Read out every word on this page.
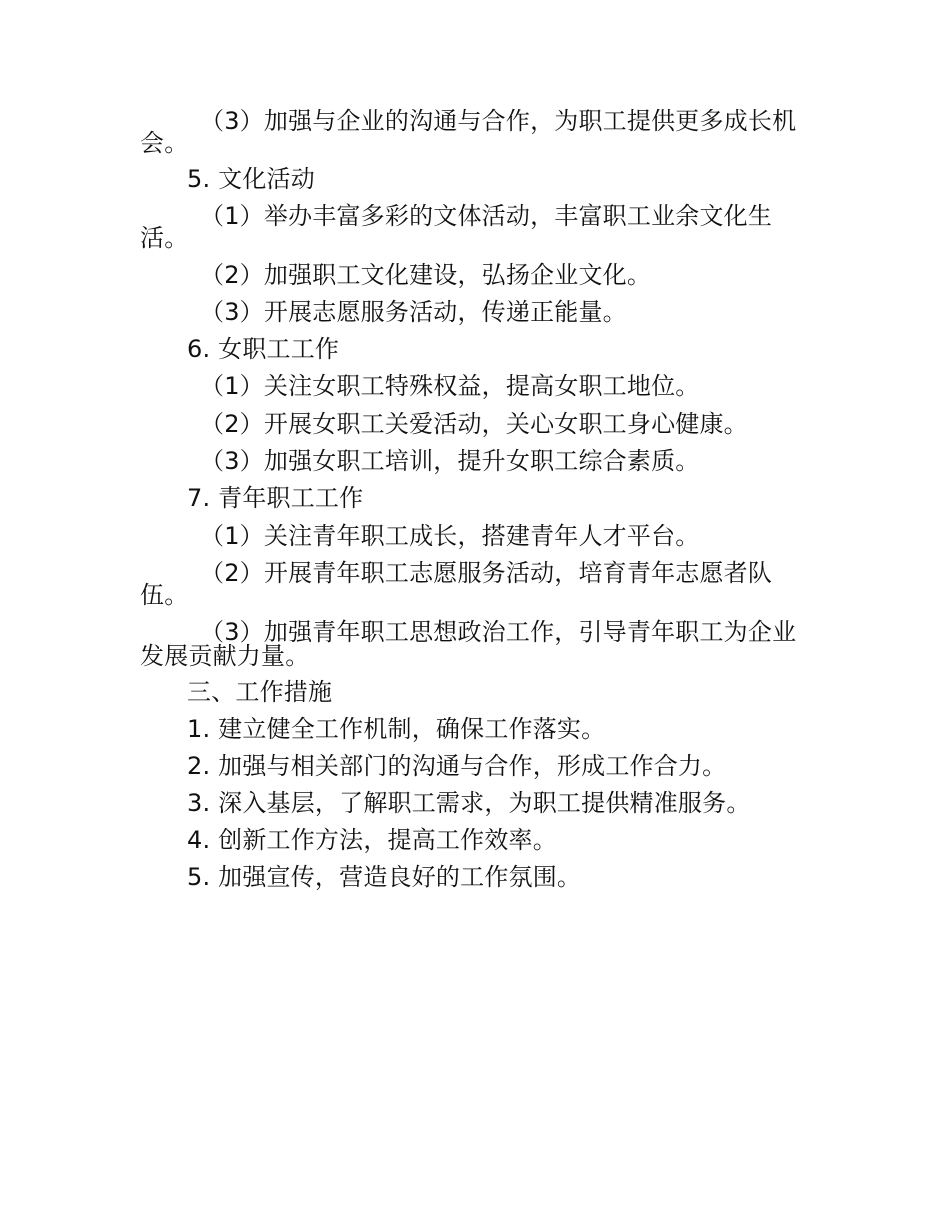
（3）加强与企业的沟通与合作，为职工提供更多成长机
会。
5. 文化活动
（1）举办丰富多彩的文体活动，丰富职工业余文化生
活。
（2）加强职工文化建设，弘扬企业文化。
（3）开展志愿服务活动，传递正能量。
6. 女职工工作
（1）关注女职工特殊权益，提高女职工地位。
（2）开展女职工关爱活动，关心女职工身心健康。
（3）加强女职工培训，提升女职工综合素质。
7. 青年职工工作
（1）关注青年职工成长，搭建青年人才平台。
（2）开展青年职工志愿服务活动，培育青年志愿者队
伍。
（3）加强青年职工思想政治工作，引导青年职工为企业
发展贡献力量。
三、工作措施
1. 建立健全工作机制，确保工作落实。
2. 加强与相关部门的沟通与合作，形成工作合力。
3. 深入基层，了解职工需求，为职工提供精准服务。
4. 创新工作方法，提高工作效率。
5. 加强宣传，营造良好的工作氛围。
